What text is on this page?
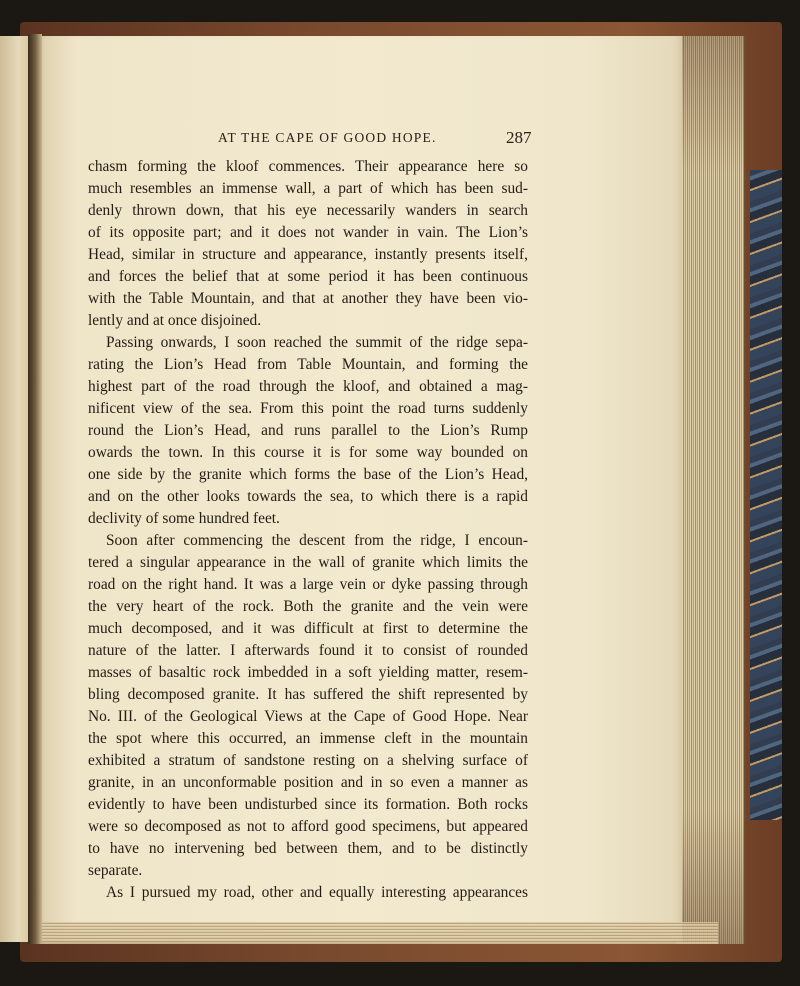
AT THE CAPE OF GOOD HOPE.	287
chasm forming the kloof commences. Their appearance here so
much resembles an immense wall, a part of which has been sud-
denly thrown down, that his eye necessarily wanders in search
of its opposite part; and it does not wander in vain. The Lion’s
Head, similar in structure and appearance, instantly presents itself,
and forces the belief that at some period it has been continuous
with the Table Mountain, and that at another they have been vio-
lently and at once disjoined.
Passing onwards, I soon reached the summit of the ridge sepa-
rating the Lion’s Head from Table Mountain, and forming the
highest part of the road through the kloof, and obtained a mag-
nificent view of the sea. From this point the road turns suddenly
round the Lion’s Head, and runs parallel to the Lion’s Rump
owards the town. In this course it is for some way bounded on
one side by the granite which forms the base of the Lion’s Head,
and on the other looks towards the sea, to which there is a rapid
declivity of some hundred feet.
Soon after commencing the descent from the ridge, I encoun-
tered a singular appearance in the wall of granite which limits the
road on the right hand. It was a large vein or dyke passing through
the very heart of the rock. Both the granite and the vein were
much decomposed, and it was difficult at first to determine the
nature of the latter. I afterwards found it to consist of rounded
masses of basaltic rock imbedded in a soft yielding matter, resem-
bling decomposed granite. It has suffered the shift represented by
No. III. of the Geological Views at the Cape of Good Hope. Near
the spot where this occurred, an immense cleft in the mountain
exhibited a stratum of sandstone resting on a shelving surface of
granite, in an unconformable position and in so even a manner as
evidently to have been undisturbed since its formation. Both rocks
were so decomposed as not to afford good specimens, but appeared
to have no intervening bed between them, and to be distinctly
separate.
As I pursued my road, other and equally interesting appearances
